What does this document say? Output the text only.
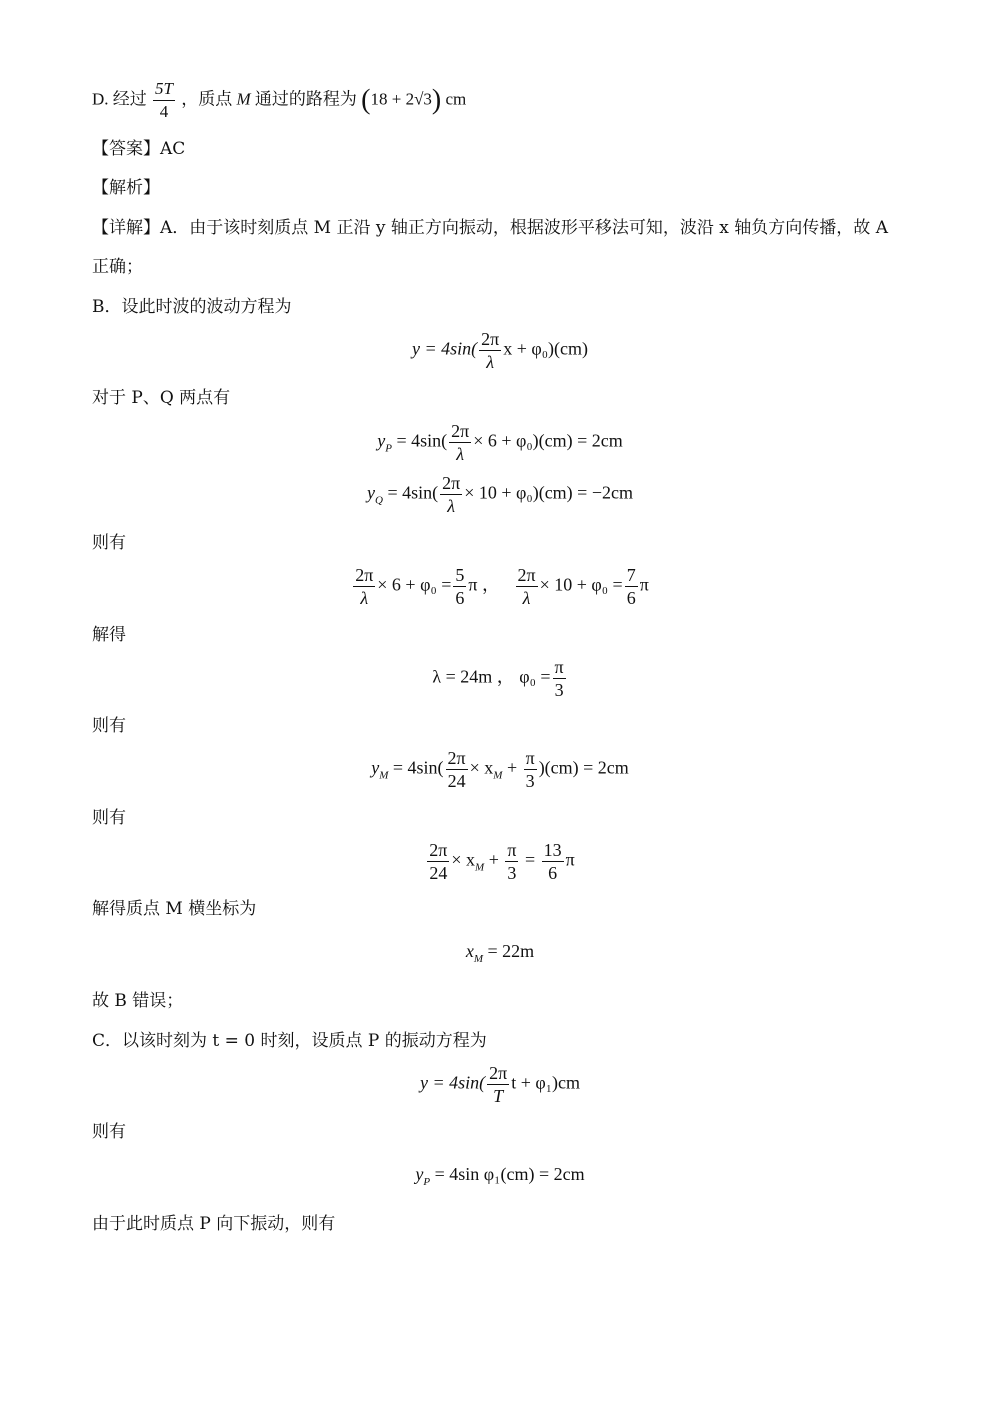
D. 经过 $\frac{5T}{4}$ ，质点 M 通过的路程为 (18 + 2√3) cm
【答案】AC
【解析】
【详解】A．由于该时刻质点 M 正沿 y 轴正方向振动，根据波形平移法可知，波沿 x 轴负方向传播，故 A
正确；
B．设此时波的波动方程为
$y = 4\sin( \frac{2\pi}{\lambda}$ x + φ₀)(cm)
对于 P、Q 两点有
$y_P = 4\sin( \frac{2\pi}{\lambda} \times 6 + \varphi_0)(cm) = 2cm$
$y_Q = 4\sin( \frac{2\pi}{\lambda} \times 10 + \varphi_0)(cm) = -2cm$
则有
$\frac{2\pi}{\lambda} \times 6 + \varphi_0 = \frac{5}{6}$ π ， $\frac{2\pi}{\lambda} \times 10 + \varphi_0 = \frac{7}{6}$ π
解得
λ = 24m ， $\varphi_0 = \frac{\pi}{3}$
则有
$y_M = 4\sin( \frac{2\pi}{24} \times x_M + \frac{\pi}{3} )(cm) = 2cm$
则有
$\frac{2\pi}{24} \times x_M + \frac{\pi}{3} = \frac{13}{6}$ π
解得质点 M 横坐标为
$x_M = 22m$
故 B 错误；
C．以该时刻为 t = 0 时刻，设质点 P 的振动方程为
$y = 4\sin( \frac{2\pi}{T}$ t + φ₁)cm
则有
$y_P = 4\sin$ φ₁(cm) = 2cm
由于此时质点 P 向下振动，则有
